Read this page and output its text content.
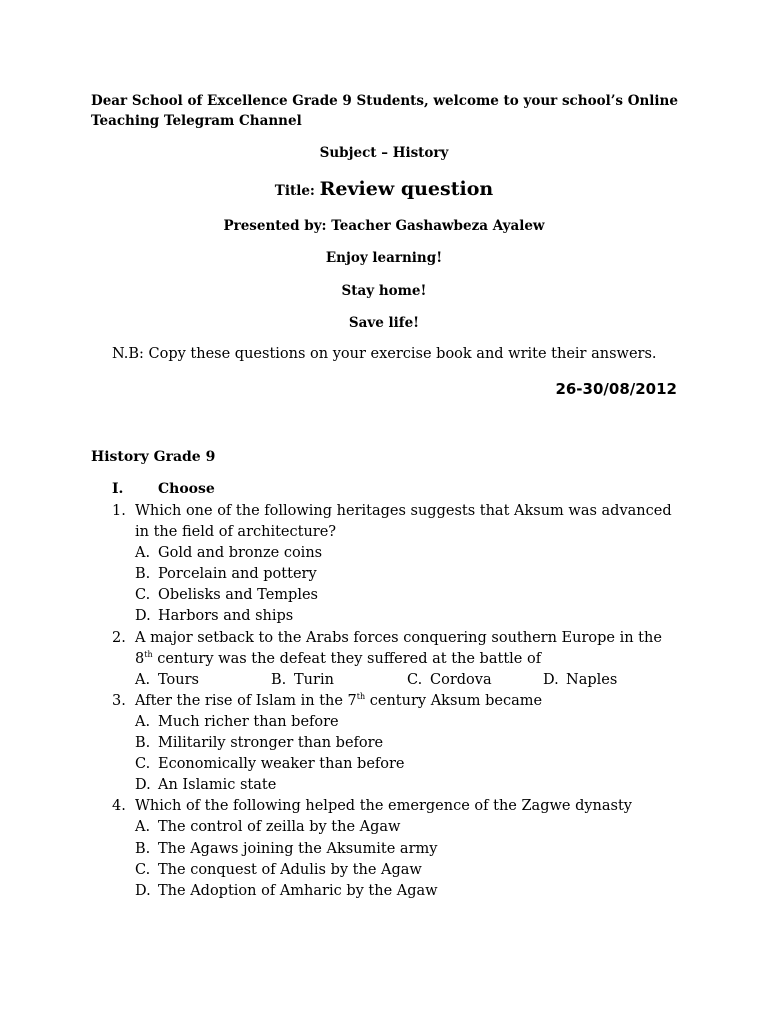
Dear School of Excellence Grade 9 Students, welcome to your school’s Online Teaching Telegram Channel
Subject – History
Title: Review question
Presented by: Teacher Gashawbeza Ayalew
Enjoy learning!
Stay home!
Save life!
N.B: Copy these questions on your exercise book and write their answers.
26-30/08/2012
History Grade 9
I. Choose
1. Which one of the following heritages suggests that Aksum was advanced
in the field of architecture?
A. Gold and bronze coins
B. Porcelain and pottery
C. Obelisks and Temples
D. Harbors and ships
2. A major setback to the Arabs forces conquering southern Europe in the
8th century was the defeat they suffered at the battle of
A. Tours	B. Turin	C. Cordova	D. Naples
3. After the rise of Islam in the 7th century Aksum became
A. Much richer than before
B. Militarily stronger than before
C. Economically weaker than before
D. An Islamic state
4. Which of the following helped the emergence of the Zagwe dynasty
A. The control of zeilla by the Agaw
B. The Agaws joining the Aksumite army
C. The conquest of Adulis by the Agaw
D. The Adoption of Amharic by the Agaw
